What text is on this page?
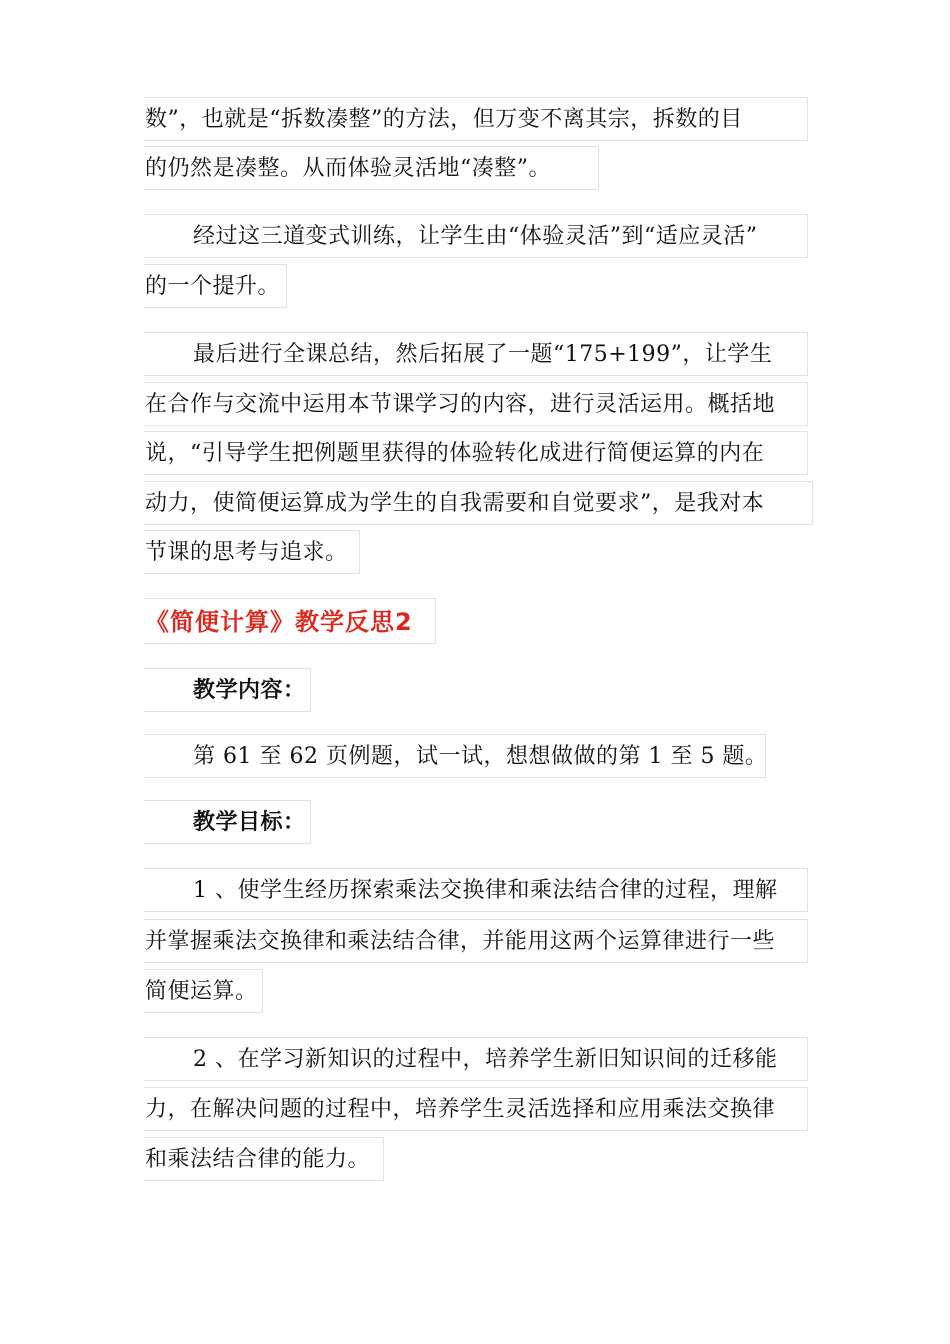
数”，也就是“拆数凑整”的方法，但万变不离其宗，拆数的目
的仍然是凑整。从而体验灵活地“凑整”。
经过这三道变式训练，让学生由“体验灵活”到“适应灵活”
的一个提升。
最后进行全课总结，然后拓展了一题“175+199”，让学生
在合作与交流中运用本节课学习的内容，进行灵活运用。概括地
说，“引导学生把例题里获得的体验转化成进行简便运算的内在
动力，使简便运算成为学生的自我需要和自觉要求”，是我对本
节课的思考与追求。
《简便计算》教学反思2
教学内容：
第 61 至 62 页例题，试一试，想想做做的第 1 至 5 题。
教学目标：
1 、使学生经历探索乘法交换律和乘法结合律的过程，理解
并掌握乘法交换律和乘法结合律，并能用这两个运算律进行一些
简便运算。
2 、在学习新知识的过程中，培养学生新旧知识间的迁移能
力，在解决问题的过程中，培养学生灵活选择和应用乘法交换律
和乘法结合律的能力。
